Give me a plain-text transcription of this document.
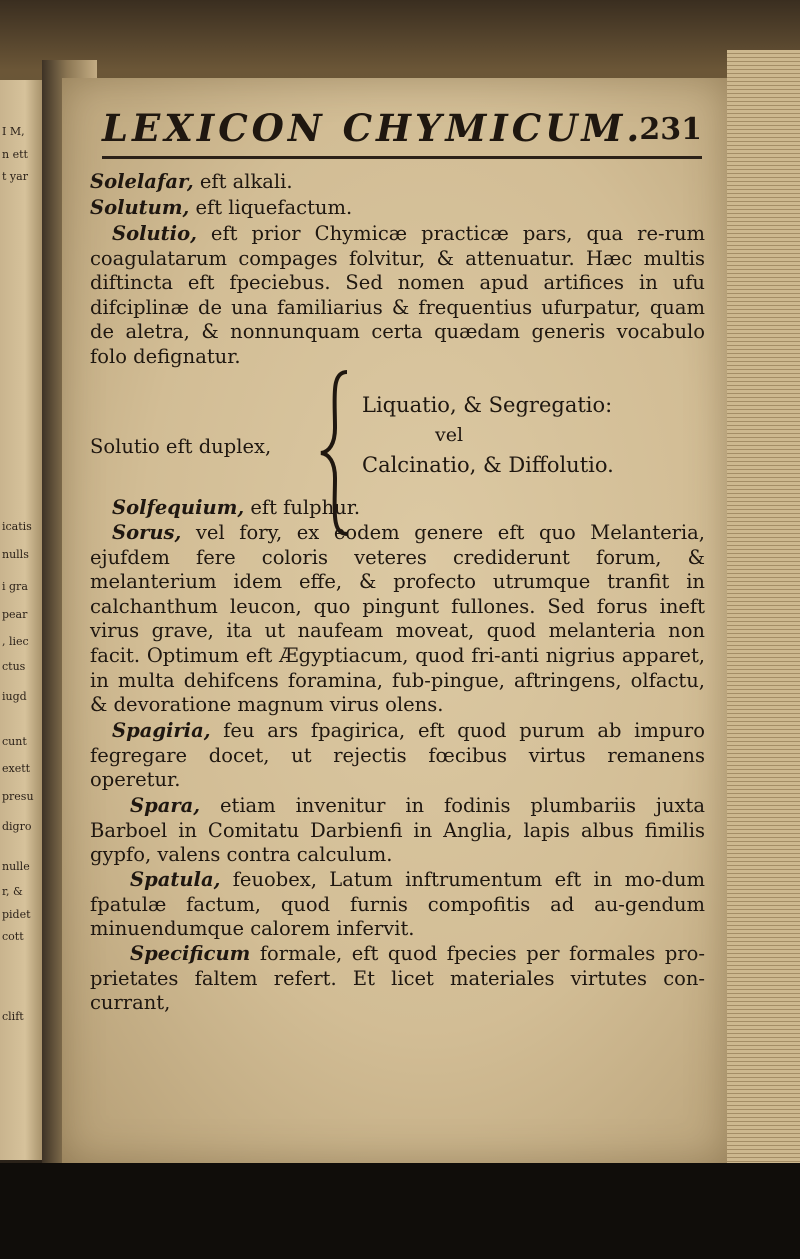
I M,
n ett
t yar
icatis
nulls
i gra
pear
, liec
ctus
iugd
cunt
exett
presu
digro
nulle
r, &
pidet
cott
clift
LEXICON CHYMICUM.
231
Solelafar, eft alkali.
Solutum, eft liquefactum.
Solutio, eft prior Chymicæ practicæ pars, qua re-rum coagulatarum compages folvitur, & attenuatur. Hæc multis diftincta eft fpeciebus. Sed nomen apud artifices in ufu difciplinæ de una familiarius & frequentius ufurpatur, quam de aletra, & nonnunquam certa quædam generis vocabulo folo defignatur.
Solutio eft duplex,
Liquatio, & Segregatio:
vel
Calcinatio, & Diffolutio.
Solfequium, eft fulphur.
Sorus, vel fory, ex eodem genere eft quo Melanteria, ejufdem fere coloris veteres crediderunt forum, & melanterium idem effe, & profecto utrumque tranfit in calchanthum leucon, quo pingunt fullones. Sed forus ineft virus grave, ita ut naufeam moveat, quod melanteria non facit. Optimum eft Ægyptiacum, quod fri-anti nigrius apparet, in multa dehifcens foramina, fub-pingue, aftringens, olfactu, & devoratione magnum virus olens.
Spagiria, feu ars fpagirica, eft quod purum ab impuro fegregare docet, ut rejectis fœcibus virtus remanens operetur.
Spara, etiam invenitur in fodinis plumbariis juxta Barboel in Comitatu Darbienfi in Anglia, lapis albus fimilis gypfo, valens contra calculum.
Spatula, feuobex, Latum inftrumentum eft in mo-dum fpatulæ factum, quod furnis compofitis ad au-gendum minuendumque calorem infervit.
Specificum formale, eft quod fpecies per formales pro-prietates faltem refert. Et licet materiales virtutes con-currant,
